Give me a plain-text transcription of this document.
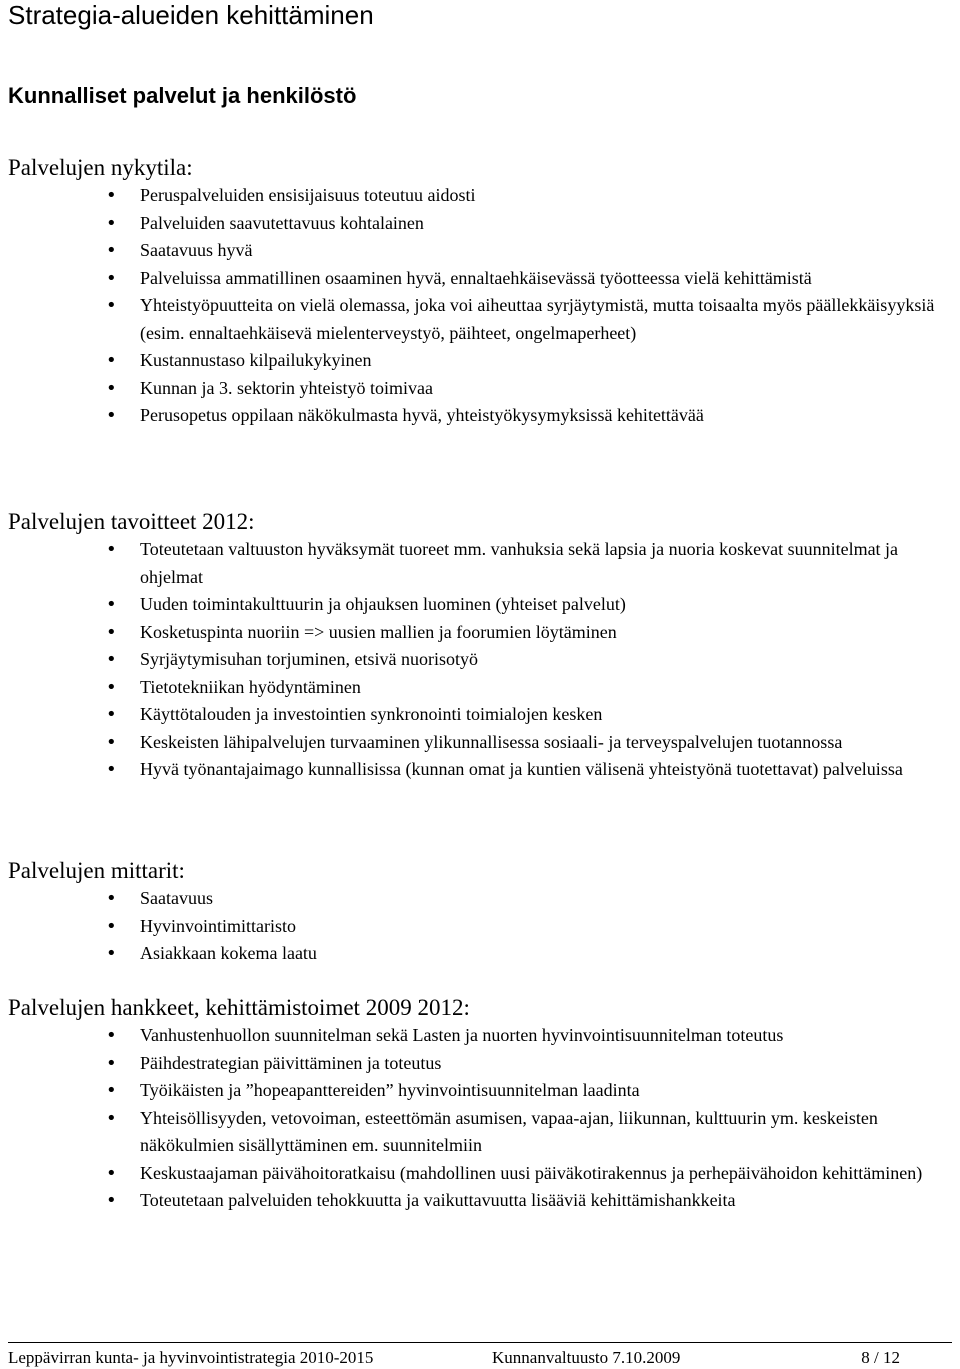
Strategia-alueiden kehittäminen
Kunnalliset palvelut ja henkilöstö
Palvelujen nykytila:
• Peruspalveluiden ensisijaisuus toteutuu aidosti
• Palveluiden saavutettavuus kohtalainen
• Saatavuus hyvä
• Palveluissa ammatillinen osaaminen hyvä, ennaltaehkäisevässä työotteessa vielä kehittämistä
• Yhteistyöpuutteita on vielä olemassa, joka voi aiheuttaa syrjäytymistä, mutta toisaalta myös päällekkäisyyksiä (esim. ennaltaehkäisevä mielenterveystyö, päihteet, ongelmaperheet)
• Kustannustaso kilpailukykyinen
• Kunnan ja 3. sektorin yhteistyö toimivaa
• Perusopetus oppilaan näkökulmasta hyvä, yhteistyökysymyksissä kehitettävää
Palvelujen tavoitteet 2012:
• Toteutetaan valtuuston hyväksymät tuoreet mm. vanhuksia sekä lapsia ja nuoria koskevat suunnitelmat ja ohjelmat
• Uuden toimintakulttuurin ja ohjauksen luominen (yhteiset palvelut)
• Kosketuspinta nuoriin => uusien mallien ja foorumien löytäminen
• Syrjäytymisuhan torjuminen, etsivä nuorisotyö
• Tietotekniikan hyödyntäminen
• Käyttötalouden ja investointien synkronointi toimialojen kesken
• Keskeisten lähipalvelujen turvaaminen ylikunnallisessa sosiaali- ja terveyspalvelujen tuotannossa
• Hyvä työnantajaimago kunnallisissa (kunnan omat ja kuntien välisenä yhteistyönä tuotettavat) palveluissa
Palvelujen mittarit:
• Saatavuus
• Hyvinvointimittaristo
• Asiakkaan kokema laatu
Palvelujen hankkeet, kehittämistoimet 2009 2012:
• Vanhustenhuollon suunnitelman sekä Lasten ja nuorten hyvinvointisuunnitelman toteutus
• Päihdestrategian päivittäminen ja toteutus
• Työikäisten ja ”hopeapanttereiden” hyvinvointisuunnitelman laadinta
• Yhteisöllisyyden, vetovoiman, esteettömän asumisen, vapaa-ajan, liikunnan, kulttuurin ym. keskeisten näkökulmien sisällyttäminen em. suunnitelmiin
• Keskustaajaman päivähoitoratkaisu (mahdollinen uusi päiväkotirakennus ja perhepäivähoidon kehittäminen)
• Toteutetaan palveluiden tehokkuutta ja vaikuttavuutta lisääviä kehittämishankkeita
Leppävirran kunta- ja hyvinvointistrategia 2010-2015	Kunnanvaltuusto 7.10.2009	8 / 12
